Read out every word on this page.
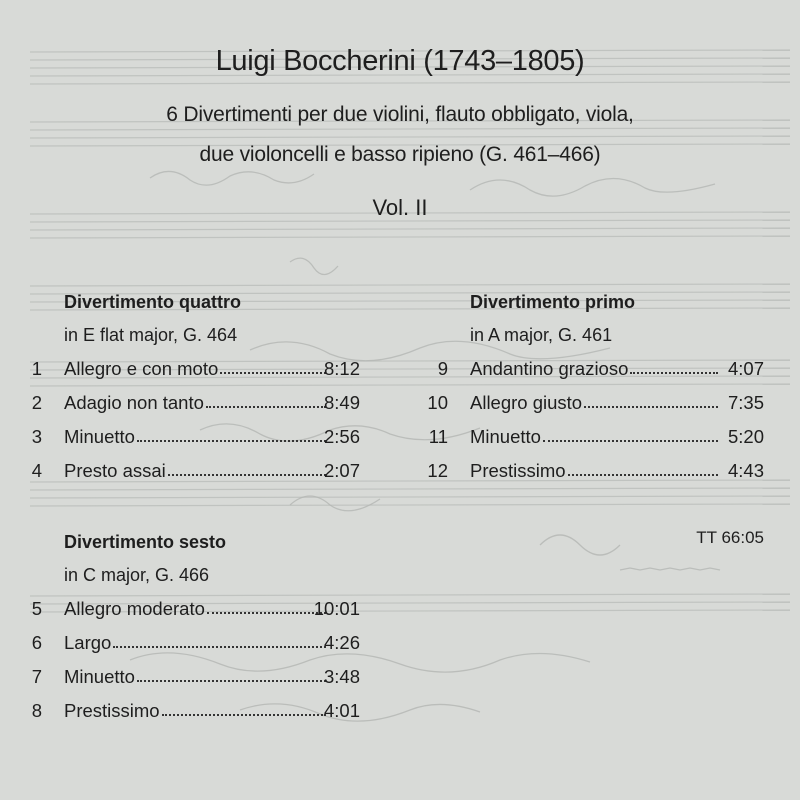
Luigi Boccherini (1743–1805)
6 Divertimenti per due violini, flauto obbligato, viola,
due violoncelli e basso ripieno (G. 461–466)
Vol. II
Divertimento quattro
in E flat major, G. 464
1 Allegro e con moto	8:12
2 Adagio non tanto	8:49
3 Minuetto	2:56
4 Presto assai	2:07
Divertimento primo
in A major, G. 461
9 Andantino grazioso	4:07
10 Allegro giusto	7:35
11 Minuetto	5:20
12 Prestissimo	4:43
Divertimento sesto
in C major, G. 466
5 Allegro moderato	10:01
6 Largo	4:26
7 Minuetto	3:48
8 Prestissimo	4:01
TT 66:05
